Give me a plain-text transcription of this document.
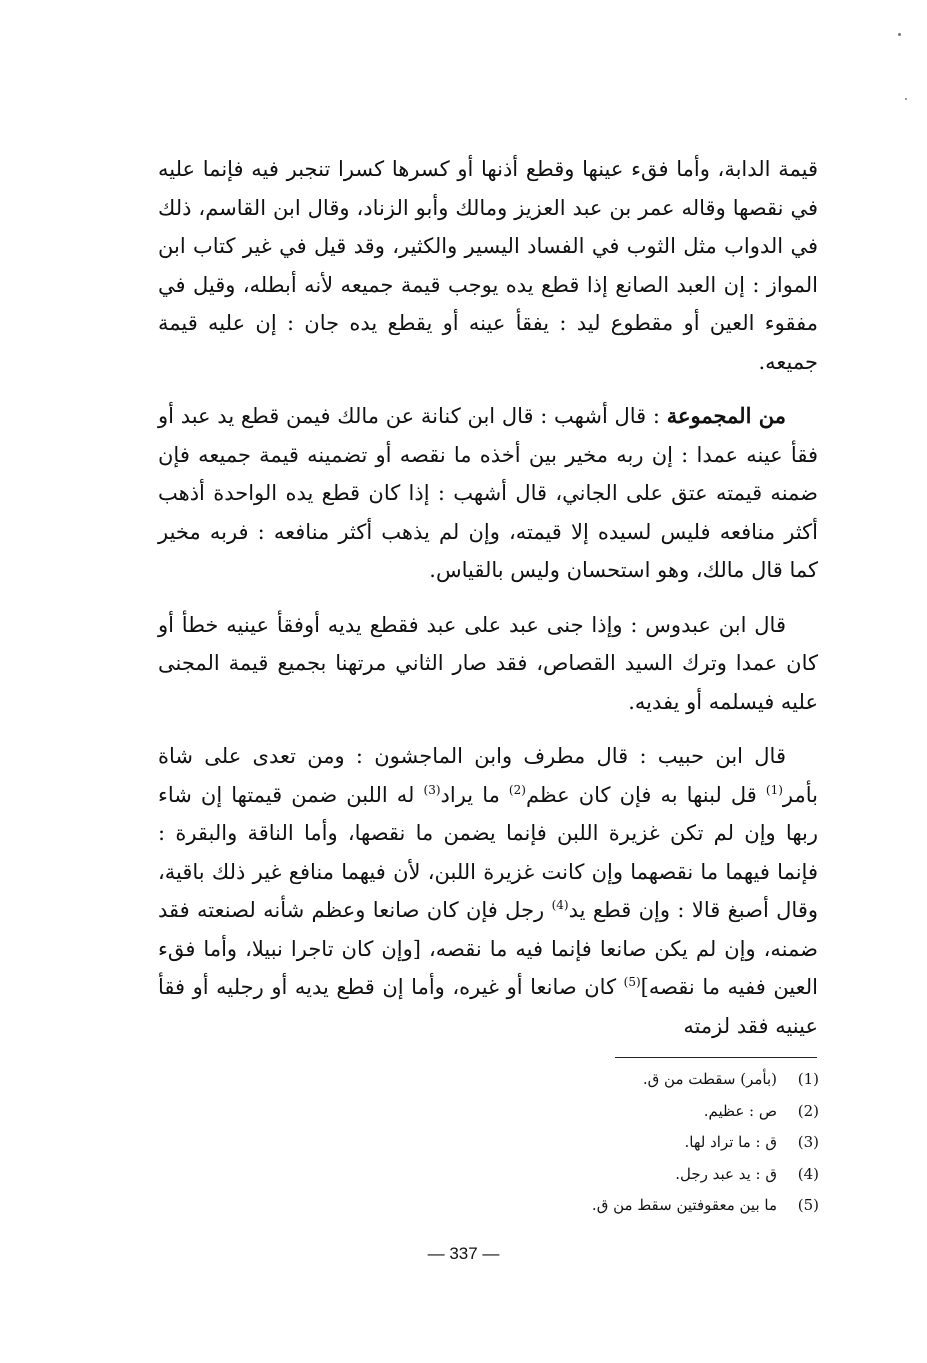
قيمة الدابة، وأما فقء عينها وقطع أذنها أو كسرها كسرا تنجبر فيه فإنما عليه في نقصها وقاله عمر بن عبد العزيز ومالك وأبو الزناد، وقال ابن القاسم، ذلك في الدواب مثل الثوب في الفساد اليسير والكثير، وقد قيل في غير كتاب ابن المواز : إن العبد الصانع إذا قطع يده يوجب قيمة جميعه لأنه أبطله، وقيل في مفقوء العين أو مقطوع ليد : يفقأ عينه أو يقطع يده جان : إن عليه قيمة جميعه.

من المجموعة : قال أشهب : قال ابن كنانة عن مالك فيمن قطع يد عبد أو فقأ عينه عمدا : إن ربه مخير بين أخذه ما نقصه أو تضمينه قيمة جميعه فإن ضمنه قيمته عتق على الجاني، قال أشهب : إذا كان قطع يده الواحدة أذهب أكثر منافعه فليس لسيده إلا قيمته، وإن لم يذهب أكثر منافعه : فربه مخير كما قال مالك، وهو استحسان وليس بالقياس.

قال ابن عبدوس : وإذا جنى عبد على عبد فقطع يديه أوفقأ عينيه خطأ أو كان عمدا وترك السيد القصاص، فقد صار الثاني مرتهنا بجميع قيمة المجنى عليه فيسلمه أو يفديه.

قال ابن حبيب : قال مطرف وابن الماجشون : ومن تعدى على شاة بأمر$^{(1)}$ قل لبنها به فإن كان عظم$^{(2)}$ ما يراد$^{(3)}$ له اللبن ضمن قيمتها إن شاء ربها وإن لم تكن غزيرة اللبن فإنما يضمن ما نقصها، وأما الناقة والبقرة : فإنما فيهما ما نقصهما وإن كانت غزيرة اللبن، لأن فيهما منافع غير ذلك باقية، وقال أصبغ قالا : وإن قطع يد$^{(4)}$ رجل فإن كان صانعا وعظم شأنه لصنعته فقد ضمنه، وإن لم يكن صانعا فإنما فيه ما نقصه، [وإن كان تاجرا نبيلا، وأما فقء العين ففيه ما نقصه]$^{(5)}$ كان صانعا أو غيره، وأما إن قطع يديه أو رجليه أو فقأ عينيه فقد لزمته

(1)
(بأمر) سقطت من ق.
(2)
ص : عظيم.
(3)
ق : ما تراد لها.
(4)
ق : يد عبد رجل.
(5)
ما بين معقوفتين سقط من ق.
— 337 —
